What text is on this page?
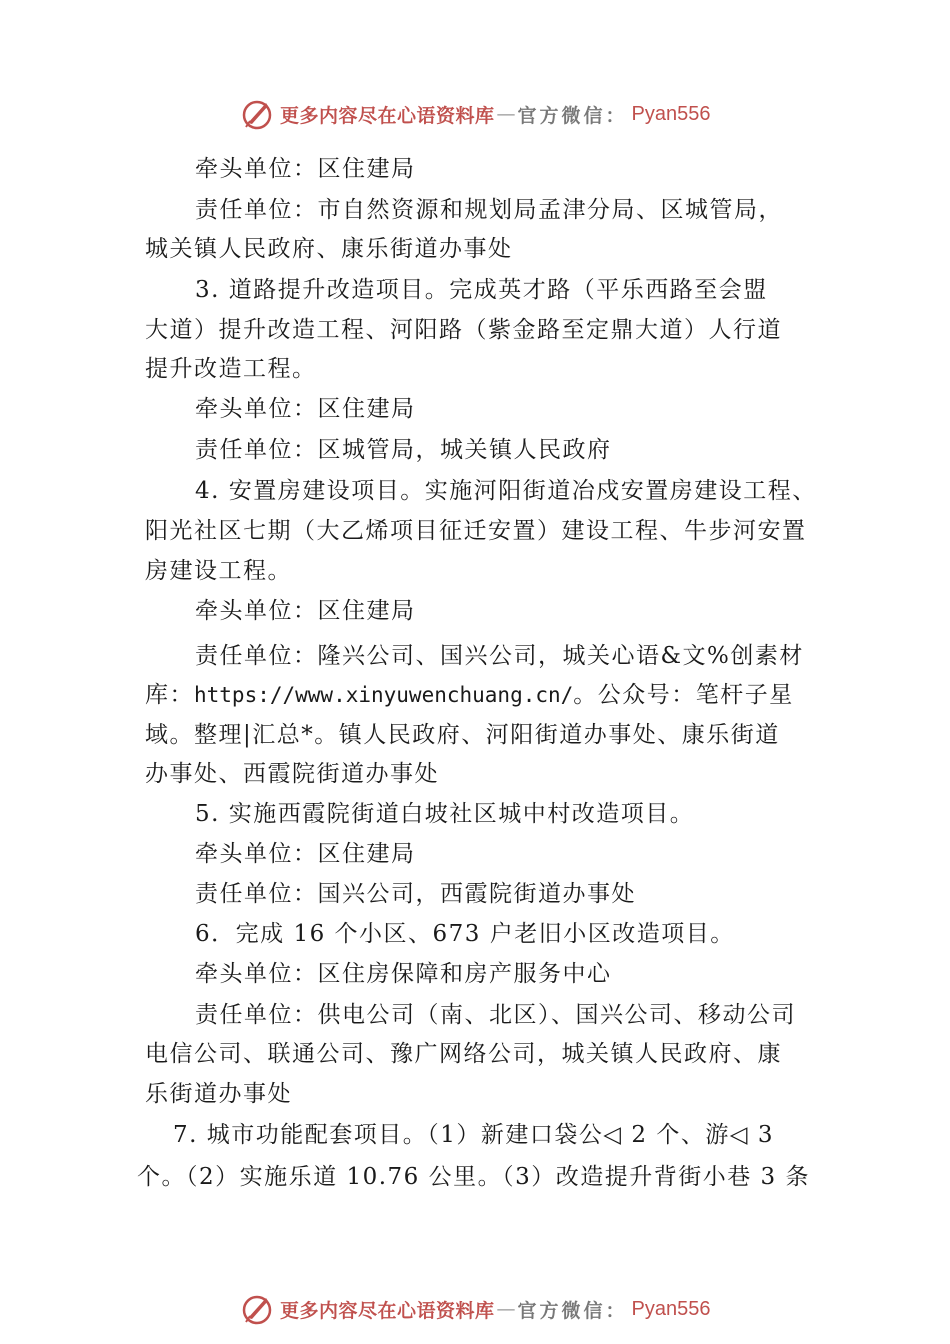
更多内容尽在心语资料库 — 官方微信： Pyan556
牵头单位：区住建局
责任单位：市自然资源和规划局孟津分局、区城管局，
城关镇人民政府、康乐街道办事处
3. 道路提升改造项目。完成英才路（平乐西路至会盟
大道）提升改造工程、河阳路（紫金路至定鼎大道）人行道
提升改造工程。
牵头单位：区住建局
责任单位：区城管局，城关镇人民政府
4. 安置房建设项目。实施河阳街道冶戍安置房建设工程、
阳光社区七期（大乙烯项目征迁安置）建设工程、牛步河安置
房建设工程。
牵头单位：区住建局
责任单位：隆兴公司、国兴公司，城关心语&文%创素材
库：https://www.xinyuwenchuang.cn/。公众号：笔杆子星
域。整理|汇总*。镇人民政府、河阳街道办事处、康乐街道
办事处、西霞院街道办事处
5. 实施西霞院街道白坡社区城中村改造项目。
牵头单位：区住建局
责任单位：国兴公司，西霞院街道办事处
6．完成 16 个小区、673 户老旧小区改造项目。
牵头单位：区住房保障和房产服务中心
责任单位：供电公司（南、北区）、国兴公司、移动公司
电信公司、联通公司、豫广网络公司，城关镇人民政府、康
乐街道办事处
7. 城市功能配套项目。（1）新建口袋公◁ 2 个、游◁ 3
个。（2）实施乐道 10.76 公里。（3）改造提升背街小巷 3 条
更多内容尽在心语资料库 — 官方微信： Pyan556
